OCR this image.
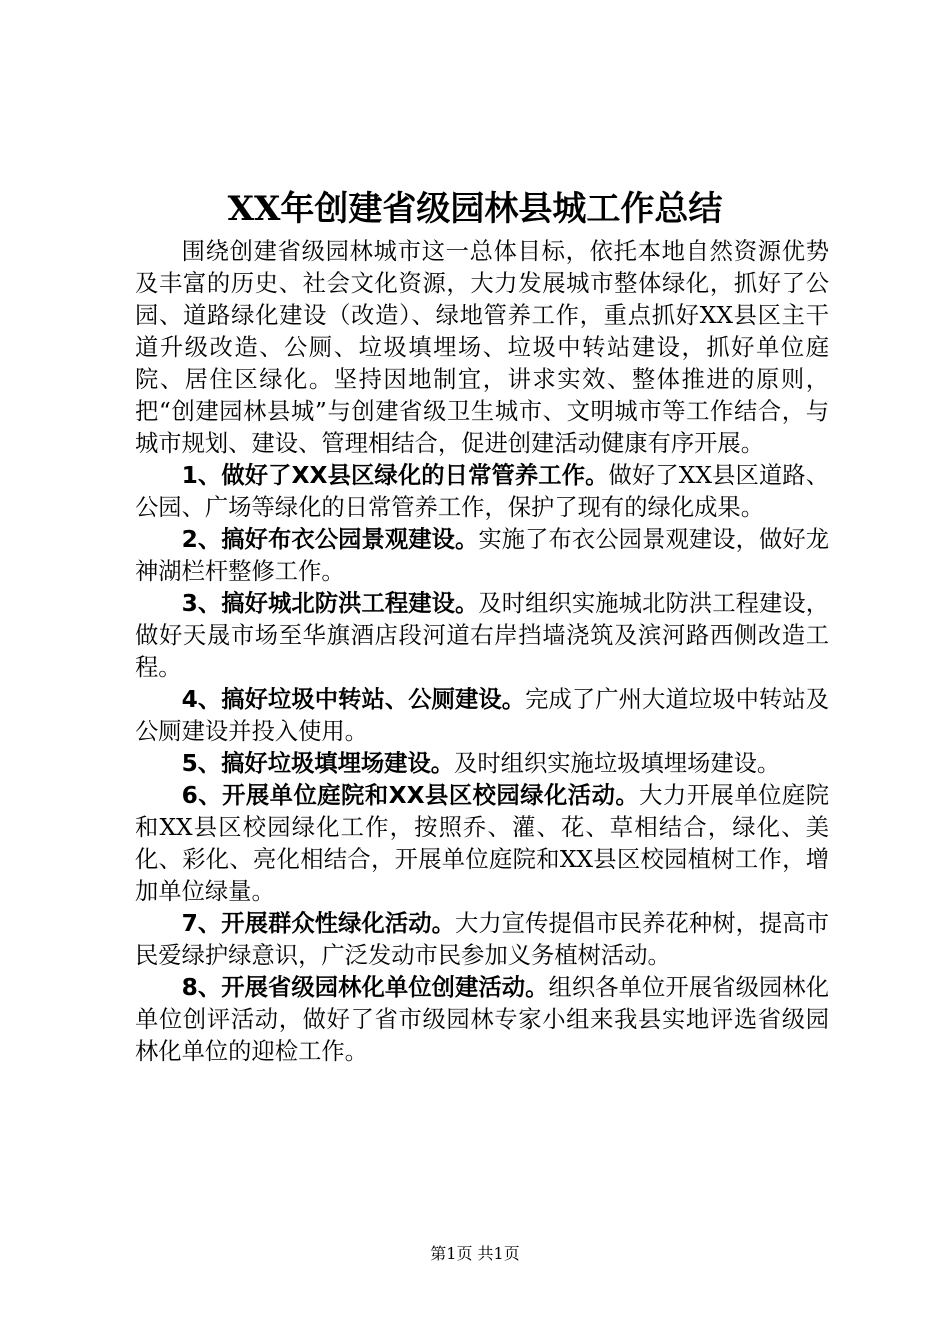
XX年创建省级园林县城工作总结

围绕创建省级园林城市这一总体目标，依托本地自然资源优势及丰富的历史、社会文化资源，大力发展城市整体绿化，抓好了公园、道路绿化建设（改造）、绿地管养工作，重点抓好XX县区主干道升级改造、公厕、垃圾填埋场、垃圾中转站建设，抓好单位庭院、居住区绿化。坚持因地制宜，讲求实效、整体推进的原则，把“创建园林县城”与创建省级卫生城市、文明城市等工作结合，与城市规划、建设、管理相结合，促进创建活动健康有序开展。

1、做好了XX县区绿化的日常管养工作。做好了XX县区道路、公园、广场等绿化的日常管养工作，保护了现有的绿化成果。

2、搞好布衣公园景观建设。实施了布衣公园景观建设，做好龙神湖栏杆整修工作。

3、搞好城北防洪工程建设。及时组织实施城北防洪工程建设，做好天晟市场至华旗酒店段河道右岸挡墙浇筑及滨河路西侧改造工程。

4、搞好垃圾中转站、公厕建设。完成了广州大道垃圾中转站及公厕建设并投入使用。

5、搞好垃圾填埋场建设。及时组织实施垃圾填埋场建设。

6、开展单位庭院和XX县区校园绿化活动。大力开展单位庭院和XX县区校园绿化工作，按照乔、灌、花、草相结合，绿化、美化、彩化、亮化相结合，开展单位庭院和XX县区校园植树工作，增加单位绿量。

7、开展群众性绿化活动。大力宣传提倡市民养花种树，提高市民爱绿护绿意识，广泛发动市民参加义务植树活动。

8、开展省级园林化单位创建活动。组织各单位开展省级园林化单位创评活动，做好了省市级园林专家小组来我县实地评选省级园林化单位的迎检工作。

第1页 共1页
